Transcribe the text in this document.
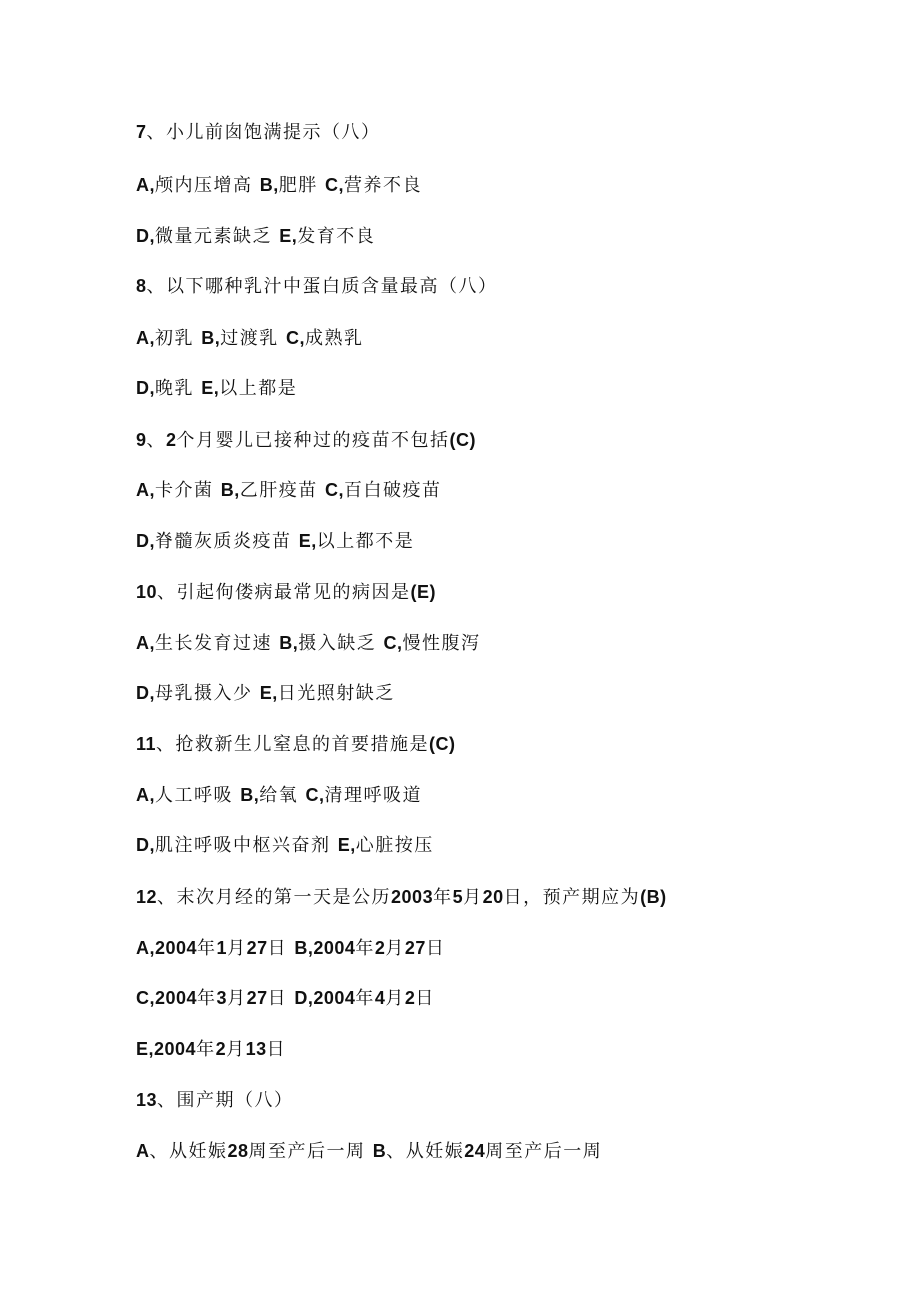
7、小儿前囱饱满提示（八）
A,颅内压增高 B,肥胖 C,营养不良
D,微量元素缺乏 E,发育不良
8、以下哪种乳汁中蛋白质含量最高（八）
A,初乳 B,过渡乳 C,成熟乳
D,晚乳 E,以上都是
9、2个月婴儿已接种过的疫苗不包括(C)
A,卡介菌 B,乙肝疫苗 C,百白破疫苗
D,脊髓灰质炎疫苗 E,以上都不是
10、引起佝偻病最常见的病因是(E)
A,生长发育过速 B,摄入缺乏 C,慢性腹泻
D,母乳摄入少 E,日光照射缺乏
11、抢救新生儿窒息的首要措施是(C)
A,人工呼吸 B,给氧 C,清理呼吸道
D,肌注呼吸中枢兴奋剂 E,心脏按压
12、末次月经的第一天是公历2003年5月20日，预产期应为(B)
A,2004年1月27日 B,2004年2月27日
C,2004年3月27日 D,2004年4月2日
E,2004年2月13日
13、围产期（八）
A、从妊娠28周至产后一周 B、从妊娠24周至产后一周
